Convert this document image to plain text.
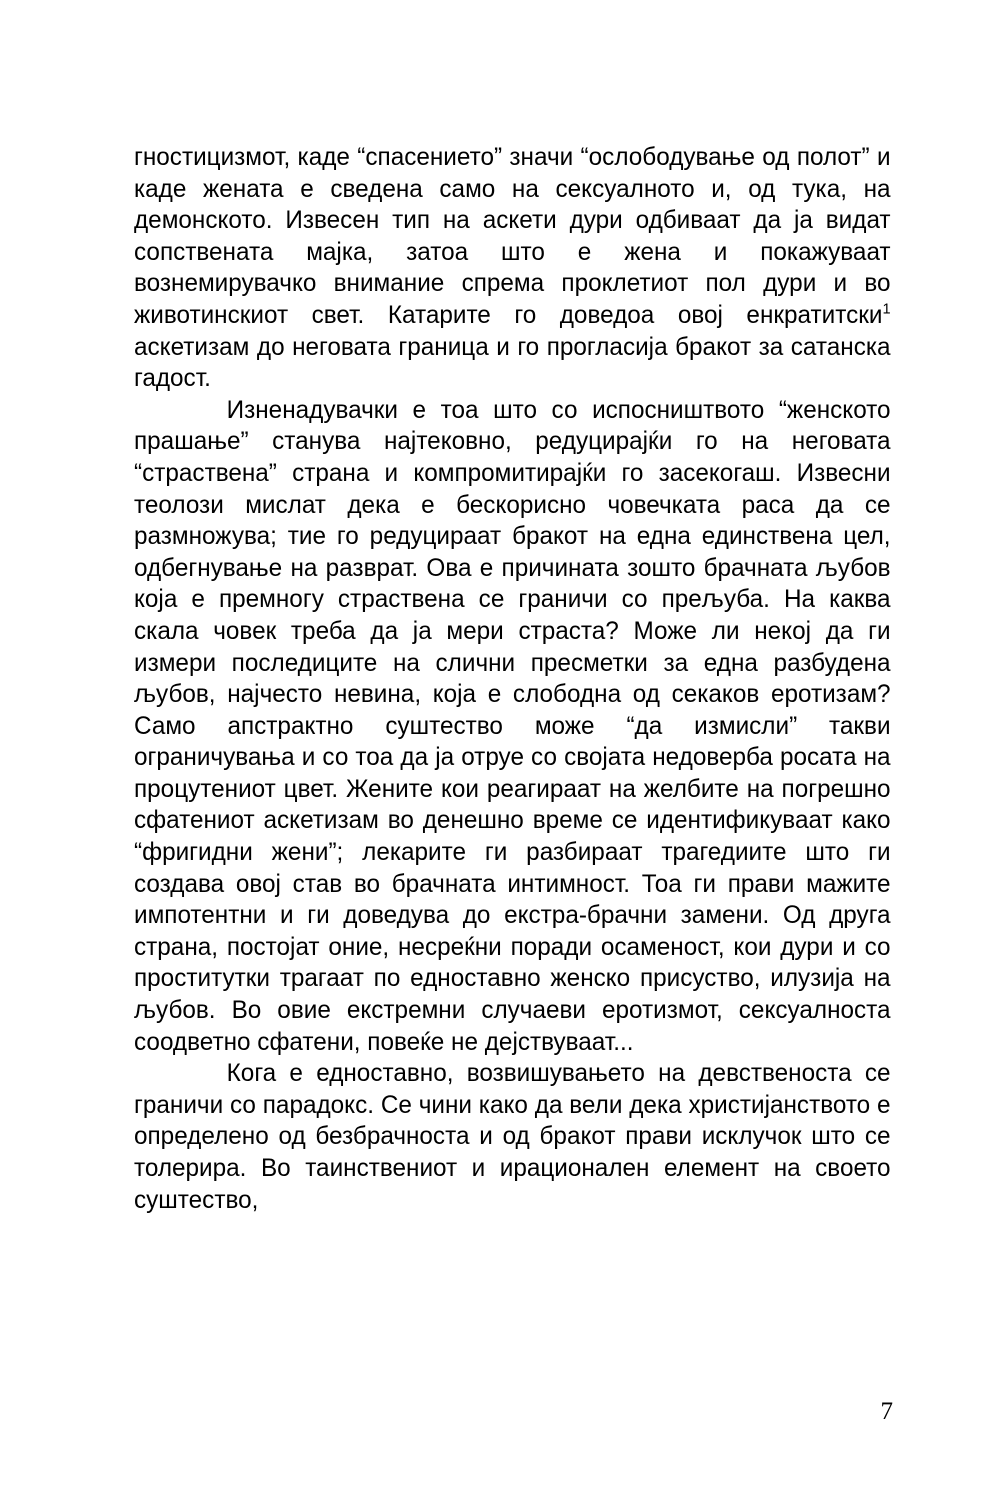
гностицизмот, каде “спасението” значи “ослободување од полот” и каде жената е сведена само на сексуалното и, од тука, на демонското. Извесен тип на аскети дури одбиваат да ја видат сопствената мајка, затоа што е жена и покажуваат вознемирувачко внимание спрема проклетиот пол дури и во животинскиот свет. Катарите го доведоа овој енкратитски$^1$ аскетизам до неговата граница и го прогласија бракот за сатанска гадост.

Изненадувачки е тоа што со испосништвото “женското прашање” станува најтековно, редуцирајќи го на неговата “страствена” страна и компромитирајќи го засекогаш. Извесни теолози мислат дека е бескорисно човечката раса да се размножува; тие го редуцираат бракот на една единствена цел, одбегнување на разврат. Ова е причината зошто брачната љубов која е премногу страствена се граничи со прељуба. На каква скала човек треба да ја мери страста? Може ли некој да ги измери последиците на слични пресметки за една разбудена љубов, најчесто невина, која е слободна од секаков еротизам? Само апстрактно суштество може “да измисли” такви ограничувања и со тоа да ја отруе со својата недоверба росата на процутениот цвет. Жените кои реагираат на желбите на погрешно сфатениот аскетизам во денешно време се идентификуваат како “фригидни жени”; лекарите ги разбираат трагедиите што ги создава овој став во брачната интимност. Тоа ги прави мажите импотентни и ги доведува до екстра-брачни замени. Од друга страна, постојат оние, несреќни поради осаменост, кои дури и со проститутки трагаат по едноставно женско присуство, илузија на љубов. Во овие екстремни случаеви еротизмот, сексуалноста соодветно сфатени, повеќе не дејствуваат...

Кога е едноставно, возвишувањето на девственоста се граничи со парадокс. Се чини како да вели дека христијанството е определено од безбрачноста и од бракот прави исклучок што се толерира. Во таинствениот и ирационален елемент на своето суштество,

7
